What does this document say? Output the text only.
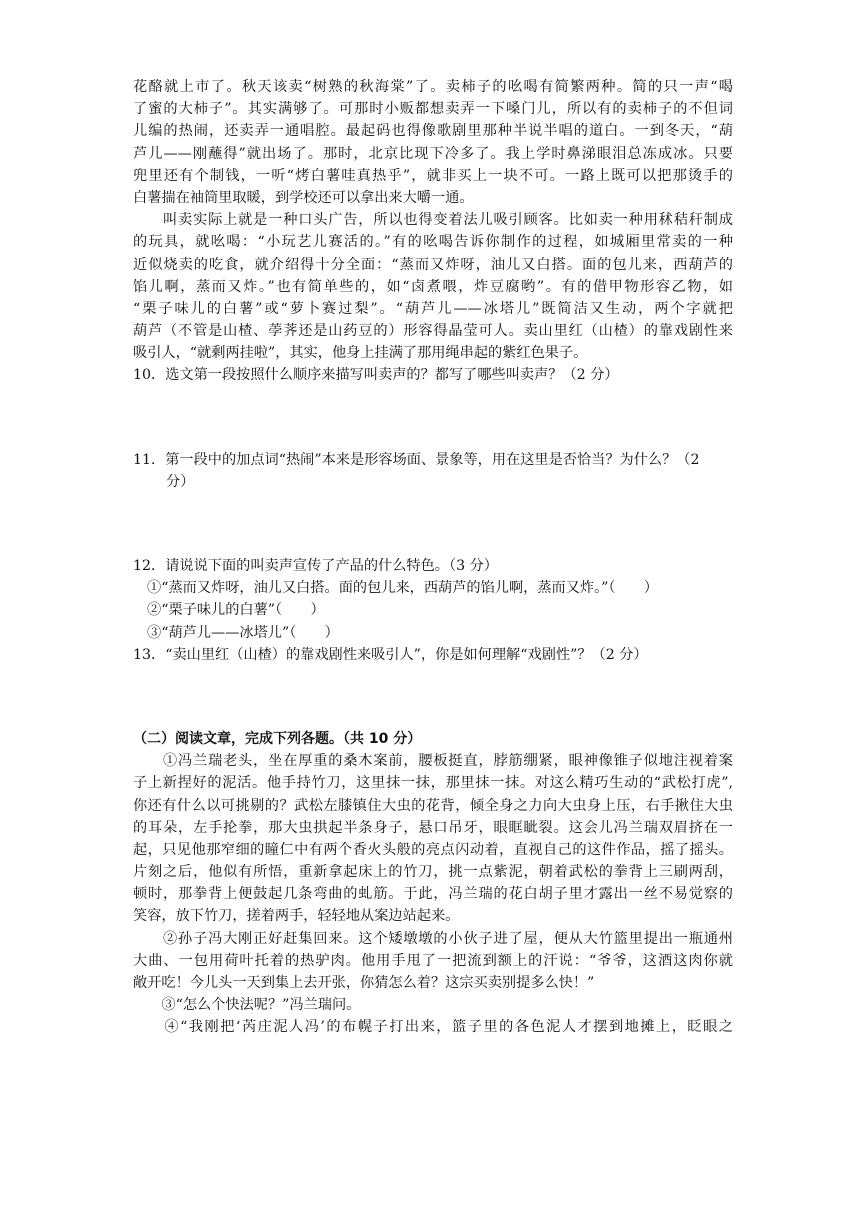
花酪就上市了。秋天该卖“树熟的秋海棠”了。卖柿子的吆喝有简繁两种。简的只一声“喝
了蜜的大柿子”。其实满够了。可那时小贩都想卖弄一下嗓门儿，所以有的卖柿子的不但词
儿编的热闹，还卖弄一通唱腔。最起码也得像歌剧里那种半说半唱的道白。一到冬天，“葫
芦儿——刚蘸得”就出场了。那时，北京比现下冷多了。我上学时鼻涕眼泪总冻成冰。只要
兜里还有个制钱，一听“烤白薯哇真热乎”，就非买上一块不可。一路上既可以把那烫手的
白薯揣在袖筒里取暖，到学校还可以拿出来大嚼一通。
　　叫卖实际上就是一种口头广告，所以也得变着法儿吸引顾客。比如卖一种用秫秸秆制成
的玩具，就吆喝：“小玩艺儿赛活的。”有的吆喝告诉你制作的过程，如城厢里常卖的一种
近似烧卖的吃食，就介绍得十分全面：“蒸而又炸呀，油儿又白搭。面的包儿来，西葫芦的
馅儿啊，蒸而又炸。”也有简单些的，如“卤煮喂，炸豆腐哟”。有的借甲物形容乙物，如
“栗子味儿的白薯”或“萝卜赛过梨”。“葫芦儿——冰塔儿”既简洁又生动，两个字就把
葫芦（不管是山楂、荸荠还是山药豆的）形容得晶莹可人。卖山里红（山楂）的靠戏剧性来
吸引人，“就剩两挂啦”，其实，他身上挂满了那用绳串起的紫红色果子。
10．选文第一段按照什么顺序来描写叫卖声的？都写了哪些叫卖声？（2 分）
11．第一段中的加点词“热闹”本来是形容场面、景象等，用在这里是否恰当？为什么？（2
分）
12．请说说下面的叫卖声宣传了产品的什么特色。（3 分）
①“蒸而又炸呀，油儿又白搭。面的包儿来，西葫芦的馅儿啊，蒸而又炸。”（　　）
②“栗子味儿的白薯”（　　）
③“葫芦儿——冰塔儿”（　　）
13．“卖山里红（山楂）的靠戏剧性来吸引人”，你是如何理解“戏剧性”？（2 分）
（二）阅读文章，完成下列各题。（共 10 分）
　　①冯兰瑞老头，坐在厚重的桑木案前，腰板挺直，脖筋绷紧，眼神像锥子似地注视着案
子上新捏好的泥活。他手持竹刀，这里抹一抹，那里抹一抹。对这么精巧生动的“武松打虎”,
你还有什么以可挑剔的？武松左膝镇住大虫的花背，倾全身之力向大虫身上压，右手揪住大虫
的耳朵，左手抡拳，那大虫拱起半条身子，悬口吊牙，眼眶眦裂。这会儿冯兰瑞双眉挤在一
起，只见他那窄细的瞳仁中有两个香火头般的亮点闪动着，直视自己的这件作品，摇了摇头。
片刻之后，他似有所悟，重新拿起床上的竹刀，挑一点紫泥，朝着武松的拳背上三刷两刮，
顿时，那拳背上便鼓起几条弯曲的虬筋。于此，冯兰瑞的花白胡子里才露出一丝不易觉察的
笑容，放下竹刀，搓着两手，轻轻地从案边站起来。
　　②孙子冯大刚正好赶集回来。这个矮墩墩的小伙子进了屋，便从大竹篮里提出一瓶通州
大曲、一包用荷叶托着的热驴肉。他用手甩了一把流到额上的汗说：“爷爷，这酒这肉你就
敞开吃！今儿头一天到集上去开张，你猜怎么着？这宗买卖别提多么快！”
　　③“怎么个快法呢？”冯兰瑞问。
　　④“我刚把‘芮庄泥人冯’的布幌子打出来，篮子里的各色泥人才摆到地摊上，眨眼之
